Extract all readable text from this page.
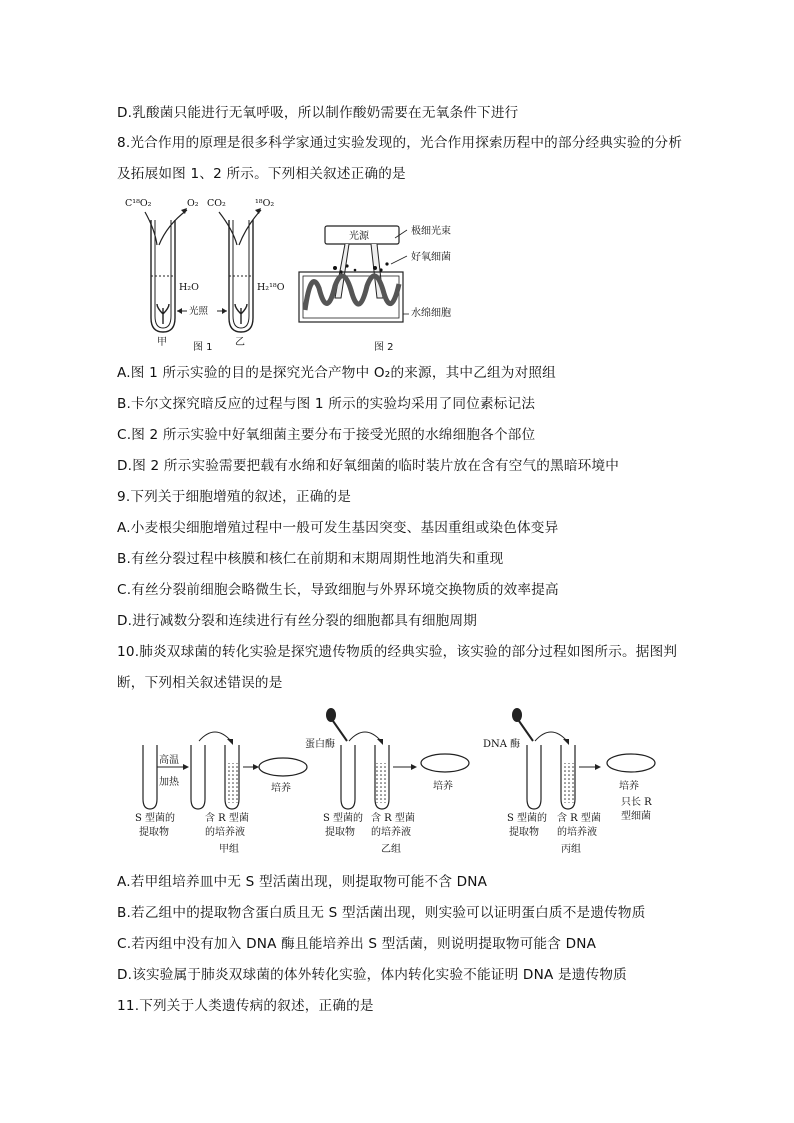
D.乳酸菌只能进行无氧呼吸，所以制作酸奶需要在无氧条件下进行
8.光合作用的原理是很多科学家通过实验发现的，光合作用探索历程中的部分经典实验的分析及拓展如图 1、2 所示。下列相关叙述正确的是
C¹⁸O₂	O₂ CO₂	¹⁸O₂
H₂O	H₂¹⁸O
光照
甲	乙
图 1
光源	极细光束
好氧细菌
水绵细胞
图 2
A.图 1 所示实验的目的是探究光合产物中 O₂的来源，其中乙组为对照组
B.卡尔文探究暗反应的过程与图 1 所示的实验均采用了同位素标记法
C.图 2 所示实验中好氧细菌主要分布于接受光照的水绵细胞各个部位
D.图 2 所示实验需要把载有水绵和好氧细菌的临时装片放在含有空气的黑暗环境中
9.下列关于细胞增殖的叙述，正确的是
A.小麦根尖细胞增殖过程中一般可发生基因突变、基因重组或染色体变异
B.有丝分裂过程中核膜和核仁在前期和末期周期性地消失和重现
C.有丝分裂前细胞会略微生长，导致细胞与外界环境交换物质的效率提高
D.进行减数分裂和连续进行有丝分裂的细胞都具有细胞周期
10.肺炎双球菌的转化实验是探究遗传物质的经典实验，该实验的部分过程如图所示。据图判断，下列相关叙述错误的是
高温
加热
培养
S 型菌的
提取物
含 R 型菌
的培养液
甲组
蛋白酶
培养
S 型菌的
提取物
含 R 型菌
的培养液
乙组
DNA 酶
培养
只长 R
型细菌
S 型菌的
提取物
含 R 型菌
的培养液
丙组
A.若甲组培养皿中无 S 型活菌出现，则提取物可能不含 DNA
B.若乙组中的提取物含蛋白质且无 S 型活菌出现，则实验可以证明蛋白质不是遗传物质
C.若丙组中没有加入 DNA 酶且能培养出 S 型活菌，则说明提取物可能含 DNA
D.该实验属于肺炎双球菌的体外转化实验，体内转化实验不能证明 DNA 是遗传物质
11.下列关于人类遗传病的叙述，正确的是
